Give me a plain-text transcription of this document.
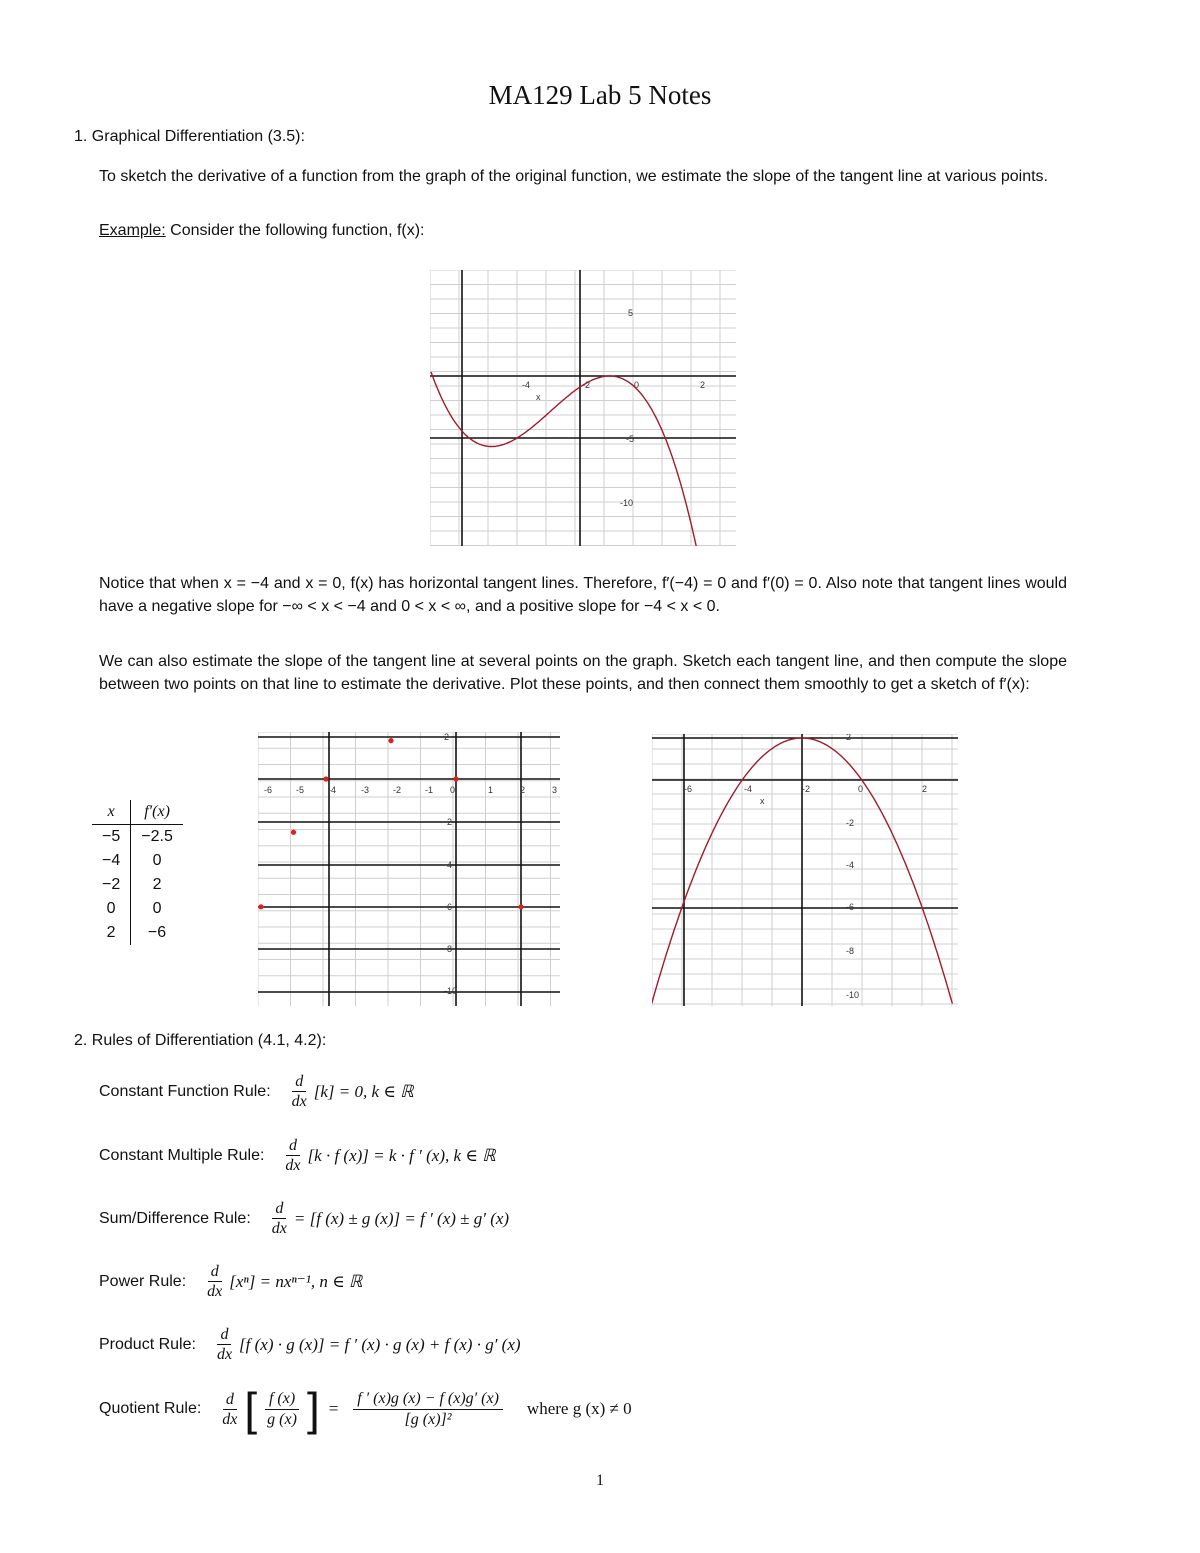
MA129 Lab 5 Notes
1. Graphical Differentiation (3.5):
To sketch the derivative of a function from the graph of the original function, we estimate the slope of the tangent line at various points.
Example: Consider the following function, f(x):
-4	-2	0	2
x
5
-5
-10
Notice that when x = −4 and x = 0, f(x) has horizontal tangent lines. Therefore, f′(−4) = 0 and f′(0) = 0. Also note that tangent lines would have a negative slope for −∞ < x < −4 and 0 < x < ∞, and a positive slope for −4 < x < 0.
We can also estimate the slope of the tangent line at several points on the graph. Sketch each tangent line, and then compute the slope between two points on that line to estimate the derivative. Plot these points, and then connect them smoothly to get a sketch of f′(x):
x	f′(x)
−5	−2.5
−4	0
−2	2
0	0
2	−6
-6	-5	-4	-3	-2	-1 0	1	2	3
2
-2
-4
-6
-8
-10
-6	-4	-2	0	2
x
2
-2
-4
-6
-8
-10
2. Rules of Differentiation (4.1, 4.2):
Constant Function Rule: $\frac{d}{dx} [k] = 0$, k ∈ ℝ
Constant Multiple Rule: $\frac{d}{dx} [k \cdot f$ (x)] = k · f ′ (x), k ∈ ℝ
Sum/Difference Rule: $\frac{d}{dx} = [f$ (x) ± g (x)] = f ′ (x) ± g′ (x)
Power Rule: $\frac{d}{dx} [x^n] = nx^{n-1}$, n ∈ ℝ
Product Rule: $\frac{d}{dx} [f$ (x) · g (x)] = f ′ (x) · g (x) + f (x) · g′ (x)
Quotient Rule: $\frac{d}{dx}$ [ $\frac{f (x)}{g (x)}$ ] = $\frac{f ' (x)g (x) - f (x)g' (x)}{\text{[g (x)]²}}$ where g (x) ≠ 0
1
